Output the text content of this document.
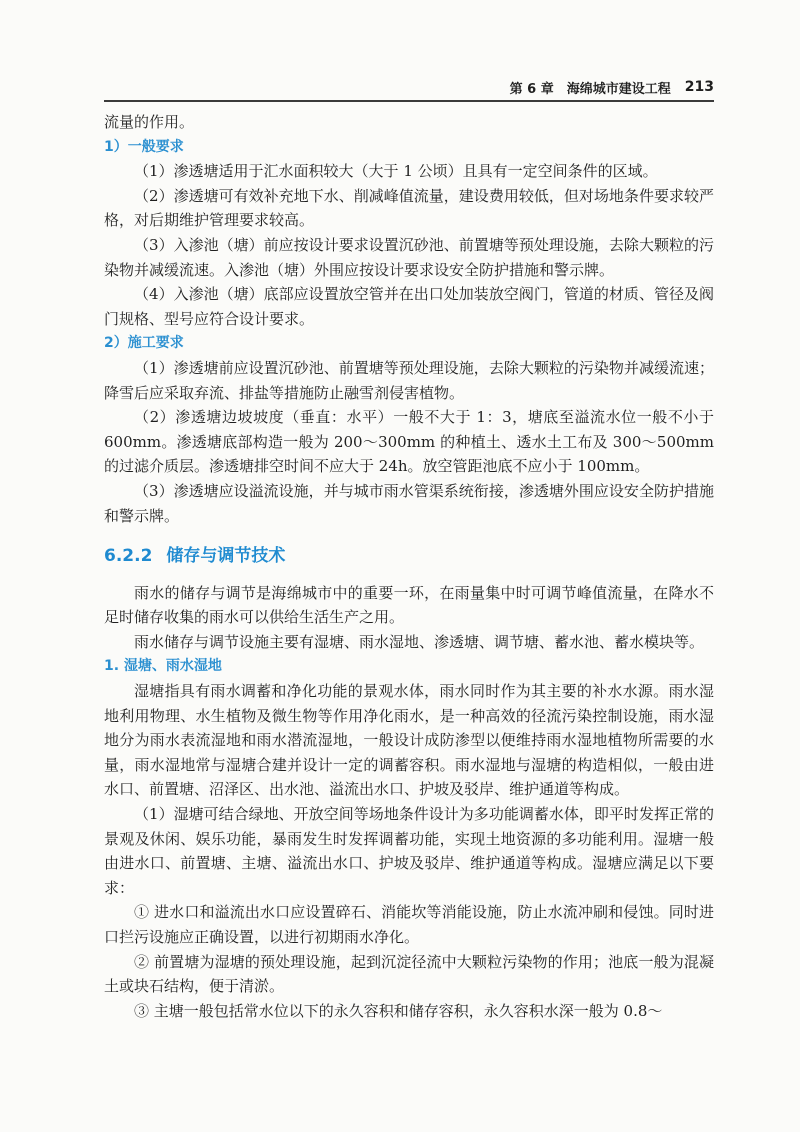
第 6 章　海绵城市建设工程 213

流量的作用。

1）一般要求

（1）渗透塘适用于汇水面积较大（大于 1 公顷）且具有一定空间条件的区域。

（2）渗透塘可有效补充地下水、削减峰值流量，建设费用较低，但对场地条件要求较严格，对后期维护管理要求较高。

（3）入渗池（塘）前应按设计要求设置沉砂池、前置塘等预处理设施，去除大颗粒的污染物并减缓流速。入渗池（塘）外围应按设计要求设安全防护措施和警示牌。

（4）入渗池（塘）底部应设置放空管并在出口处加装放空阀门，管道的材质、管径及阀门规格、型号应符合设计要求。

2）施工要求

（1）渗透塘前应设置沉砂池、前置塘等预处理设施，去除大颗粒的污染物并减缓流速；降雪后应采取弃流、排盐等措施防止融雪剂侵害植物。

（2）渗透塘边坡坡度（垂直：水平）一般不大于 1：3，塘底至溢流水位一般不小于 600mm。渗透塘底部构造一般为 200～300mm 的种植土、透水土工布及 300～500mm 的过滤介质层。渗透塘排空时间不应大于 24h。放空管距池底不应小于 100mm。

（3）渗透塘应设溢流设施，并与城市雨水管渠系统衔接，渗透塘外围应设安全防护措施和警示牌。

6.2.2 储存与调节技术

雨水的储存与调节是海绵城市中的重要一环，在雨量集中时可调节峰值流量，在降水不足时储存收集的雨水可以供给生活生产之用。

雨水储存与调节设施主要有湿塘、雨水湿地、渗透塘、调节塘、蓄水池、蓄水模块等。

1. 湿塘、雨水湿地

湿塘指具有雨水调蓄和净化功能的景观水体，雨水同时作为其主要的补水水源。雨水湿地利用物理、水生植物及微生物等作用净化雨水，是一种高效的径流污染控制设施，雨水湿地分为雨水表流湿地和雨水潜流湿地，一般设计成防渗型以便维持雨水湿地植物所需要的水量，雨水湿地常与湿塘合建并设计一定的调蓄容积。雨水湿地与湿塘的构造相似，一般由进水口、前置塘、沼泽区、出水池、溢流出水口、护坡及驳岸、维护通道等构成。

（1）湿塘可结合绿地、开放空间等场地条件设计为多功能调蓄水体，即平时发挥正常的景观及休闲、娱乐功能，暴雨发生时发挥调蓄功能，实现土地资源的多功能利用。湿塘一般由进水口、前置塘、主塘、溢流出水口、护坡及驳岸、维护通道等构成。湿塘应满足以下要求：

① 进水口和溢流出水口应设置碎石、消能坎等消能设施，防止水流冲刷和侵蚀。同时进口拦污设施应正确设置，以进行初期雨水净化。

② 前置塘为湿塘的预处理设施，起到沉淀径流中大颗粒污染物的作用；池底一般为混凝土或块石结构，便于清淤。

③ 主塘一般包括常水位以下的永久容积和储存容积，永久容积水深一般为 0.8～
